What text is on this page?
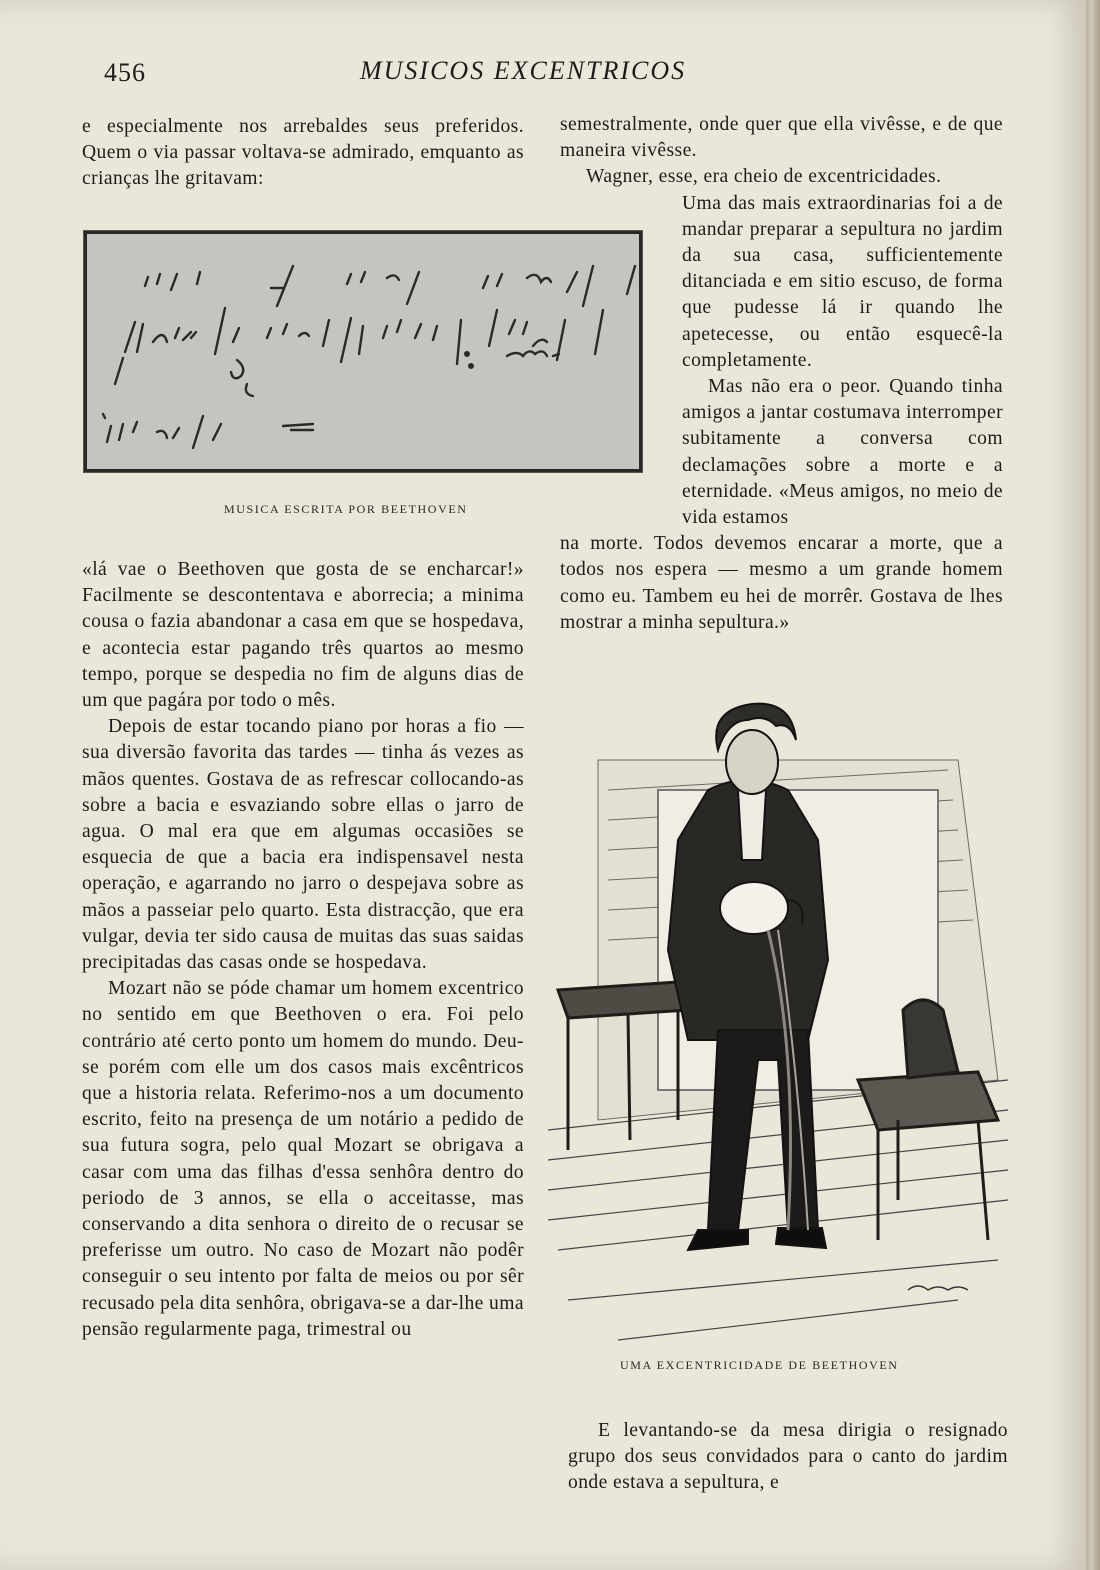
456	MUSICOS EXCENTRICOS

e especialmente nos arrebaldes seus preferidos. Quem o via passar voltava-se admirado, emquanto as crianças lhe gritavam:

MUSICA ESCRITA POR BEETHOVEN

«lá vae o Beethoven que gosta de se encharcar!» Facilmente se descontentava e aborrecia; a minima cousa o fazia abandonar a casa em que se hospedava, e acontecia estar pagando três quartos ao mesmo tempo, porque se despedia no fim de alguns dias de um que pagára por todo o mês.

Depois de estar tocando piano por horas a fio — sua diversão favorita das tardes — tinha ás vezes as mãos quentes. Gostava de as refrescar collocando-as sobre a bacia e esvaziando sobre ellas o jarro de agua. O mal era que em algumas occasiões se esquecia de que a bacia era indispensavel nesta operação, e agarrando no jarro o despejava sobre as mãos a passeiar pelo quarto. Esta distracção, que era vulgar, devia ter sido causa de muitas das suas saidas precipitadas das casas onde se hospedava.

Mozart não se póde chamar um homem excentrico no sentido em que Beethoven o era. Foi pelo contrário até certo ponto um homem do mundo. Deu-se porém com elle um dos casos mais excêntricos que a historia relata. Referimo-nos a um documento escrito, feito na presença de um notário a pedido de sua futura sogra, pelo qual Mozart se obrigava a casar com uma das filhas d'essa senhôra dentro do periodo de 3 annos, se ella o acceitasse, mas conservando a dita senhora o direito de o recusar se preferisse um outro. No caso de Mozart não podêr conseguir o seu intento por falta de meios ou por sêr recusado pela dita senhôra, obrigava-se a dar-lhe uma pensão regularmente paga, trimestral ou

semestralmente, onde quer que ella vivêsse, e de que maneira vivêsse.

Wagner, esse, era cheio de excentricidades.

Uma das mais extraordinarias foi a de mandar preparar a sepultura no jardim da sua casa, sufficientemente ditanciada e em sitio escuso, de forma que pudesse lá ir quando lhe apetecesse, ou então esquecê-la completamente.

Mas não era o peor. Quando tinha amigos a jantar costumava interromper subitamente a conversa com declamações sobre a morte e a eternidade. «Meus amigos, no meio de vida estamos

na morte. Todos devemos encarar a morte, que a todos nos espera — mesmo a um grande homem como eu. Tambem eu hei de morrêr. Gostava de lhes mostrar a minha sepultura.»

UMA EXCENTRICIDADE DE BEETHOVEN

E levantando-se da mesa dirigia o resignado grupo dos seus convidados para o canto do jardim onde estava a sepultura, e
